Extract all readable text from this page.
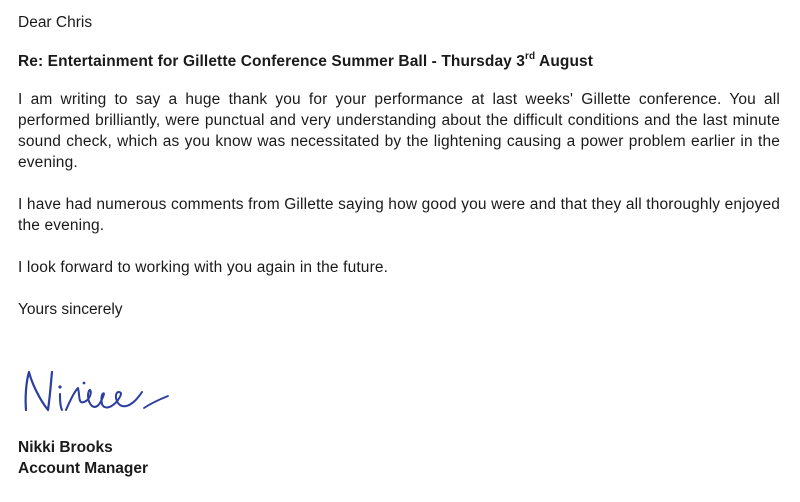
Dear Chris

Re: Entertainment for Gillette Conference Summer Ball - Thursday 3rd August

I am writing to say a huge thank you for your performance at last weeks' Gillette conference. You all performed brilliantly, were punctual and very understanding about the difficult conditions and the last minute sound check, which as you know was necessitated by the lightening causing a power problem earlier in the evening.

I have had numerous comments from Gillette saying how good you were and that they all thoroughly enjoyed the evening.

I look forward to working with you again in the future.

Yours sincerely

Nikki Brooks
Account Manager
